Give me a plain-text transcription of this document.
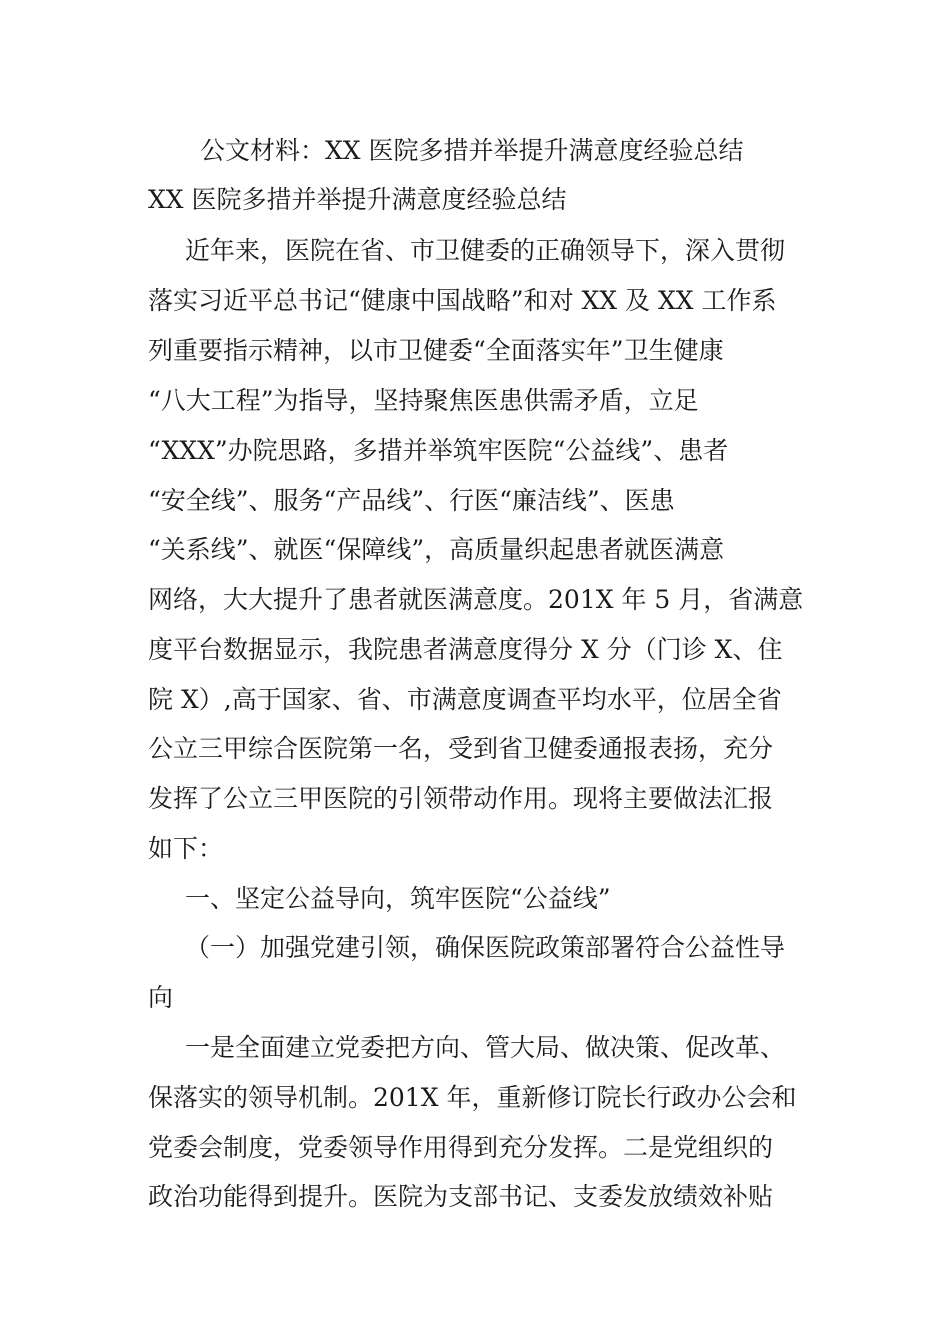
公文材料：XX 医院多措并举提升满意度经验总结
XX 医院多措并举提升满意度经验总结
近年来，医院在省、市卫健委的正确领导下，深入贯彻
落实习近平总书记“健康中国战略”和对 XX 及 XX 工作系
列重要指示精神，以市卫健委“全面落实年”卫生健康
“八大工程”为指导，坚持聚焦医患供需矛盾，立足
“XXX”办院思路，多措并举筑牢医院“公益线”、患者
“安全线”、服务“产品线”、行医“廉洁线”、医患
“关系线”、就医“保障线”，高质量织起患者就医满意
网络，大大提升了患者就医满意度。201X 年 5 月，省满意
度平台数据显示，我院患者满意度得分 X 分（门诊 X、住
院 X）,高于国家、省、市满意度调查平均水平，位居全省
公立三甲综合医院第一名，受到省卫健委通报表扬，充分
发挥了公立三甲医院的引领带动作用。现将主要做法汇报
如下：
一、坚定公益导向，筑牢医院“公益线”
（一）加强党建引领，确保医院政策部署符合公益性导
向
一是全面建立党委把方向、管大局、做决策、促改革、
保落实的领导机制。201X 年，重新修订院长行政办公会和
党委会制度，党委领导作用得到充分发挥。二是党组织的
政治功能得到提升。医院为支部书记、支委发放绩效补贴
